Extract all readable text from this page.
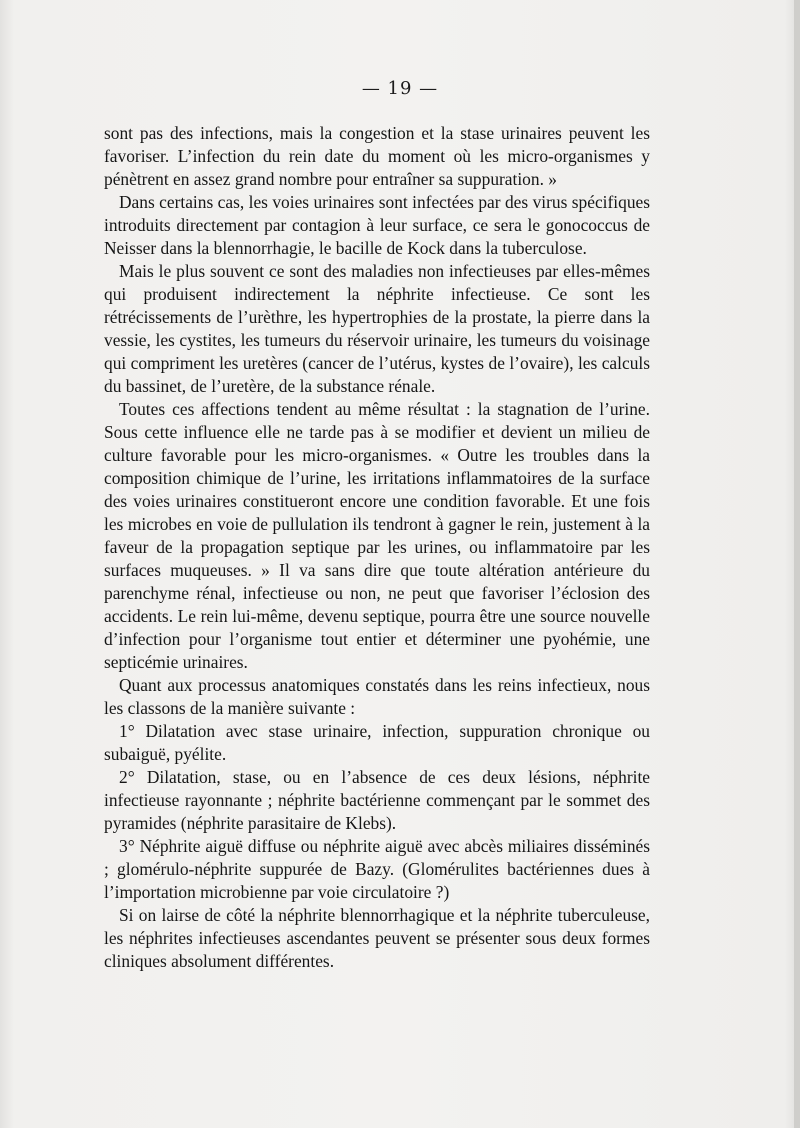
— 19 —

sont pas des infections, mais la congestion et la stase urinaires peuvent les favoriser. L’infection du rein date du moment où les micro-organismes y pénètrent en assez grand nombre pour entraîner sa suppuration. »

Dans certains cas, les voies urinaires sont infectées par des virus spécifiques introduits directement par contagion à leur surface, ce sera le gonococcus de Neisser dans la blennorrhagie, le bacille de Kock dans la tuberculose.

Mais le plus souvent ce sont des maladies non infectieuses par elles-mêmes qui produisent indirectement la néphrite infectieuse. Ce sont les rétrécissements de l’urèthre, les hypertrophies de la prostate, la pierre dans la vessie, les cystites, les tumeurs du réservoir urinaire, les tumeurs du voisinage qui compriment les uretères (cancer de l’utérus, kystes de l’ovaire), les calculs du bassinet, de l’uretère, de la substance rénale.

Toutes ces affections tendent au même résultat : la stagnation de l’urine. Sous cette influence elle ne tarde pas à se modifier et devient un milieu de culture favorable pour les micro-organismes. « Outre les troubles dans la composition chimique de l’urine, les irritations inflammatoires de la surface des voies urinaires constitueront encore une condition favorable. Et une fois les microbes en voie de pullulation ils tendront à gagner le rein, justement à la faveur de la propagation septique par les urines, ou inflammatoire par les surfaces muqueuses. » Il va sans dire que toute altération antérieure du parenchyme rénal, infectieuse ou non, ne peut que favoriser l’éclosion des accidents. Le rein lui-même, devenu septique, pourra être une source nouvelle d’infection pour l’organisme tout entier et déterminer une pyohémie, une septicémie urinaires.

Quant aux processus anatomiques constatés dans les reins infectieux, nous les classons de la manière suivante :

1° Dilatation avec stase urinaire, infection, suppuration chronique ou subaiguë, pyélite.

2° Dilatation, stase, ou en l’absence de ces deux lésions, néphrite infectieuse rayonnante ; néphrite bactérienne commençant par le sommet des pyramides (néphrite parasitaire de Klebs).

3° Néphrite aiguë diffuse ou néphrite aiguë avec abcès miliaires disséminés ; glomérulo-néphrite suppurée de Bazy. (Glomérulites bactériennes dues à l’importation microbienne par voie circulatoire ?)

Si on lairse de côté la néphrite blennorrhagique et la néphrite tuberculeuse, les néphrites infectieuses ascendantes peuvent se présenter sous deux formes cliniques absolument différentes.
